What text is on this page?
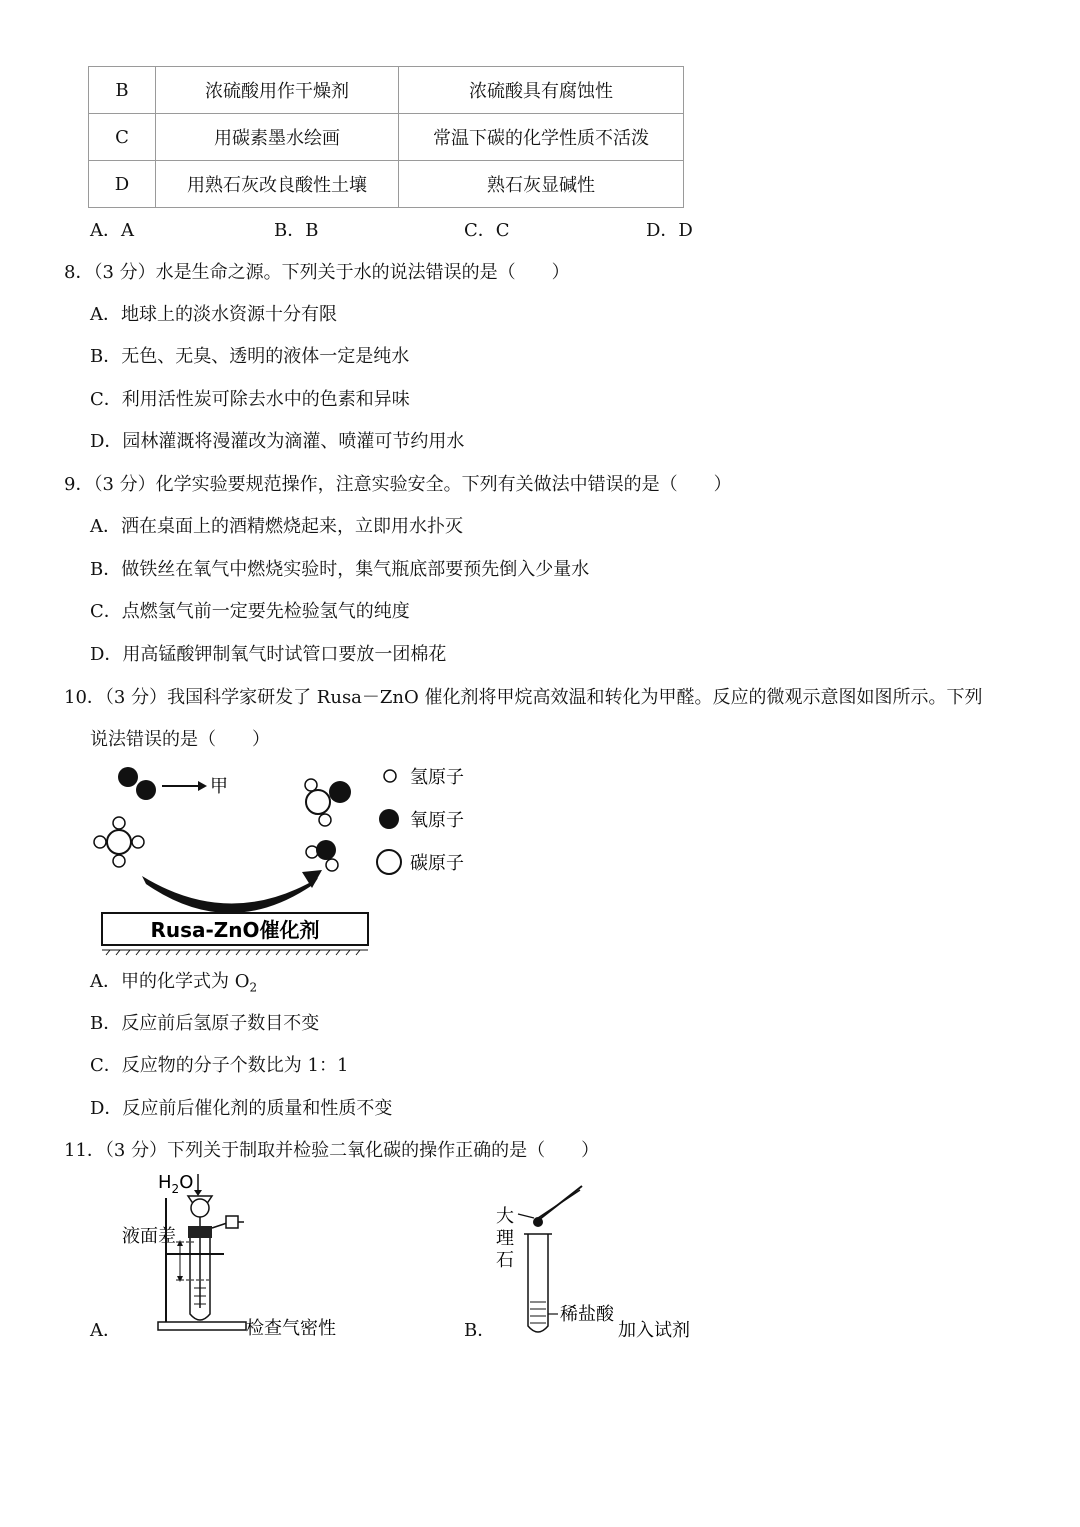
B	浓硫酸用作干燥剂	浓硫酸具有腐蚀性
C	用碳素墨水绘画	常温下碳的化学性质不活泼
D	用熟石灰改良酸性土壤	熟石灰显碱性
A．A	B．B	C．C	D．D
8．（3 分）水是生命之源。下列关于水的说法错误的是（　　）
A．地球上的淡水资源十分有限
B．无色、无臭、透明的液体一定是纯水
C．利用活性炭可除去水中的色素和异味
D．园林灌溉将漫灌改为滴灌、喷灌可节约用水
9．（3 分）化学实验要规范操作，注意实验安全。下列有关做法中错误的是（　　）
A．洒在桌面上的酒精燃烧起来，立即用水扑灭
B．做铁丝在氧气中燃烧实验时，集气瓶底部要预先倒入少量水
C．点燃氢气前一定要先检验氢气的纯度
D．用高锰酸钾制氧气时试管口要放一团棉花
10．（3 分）我国科学家研发了 Rusa－ZnO 催化剂将甲烷高效温和转化为甲醛。反应的微观示意图如图所示。下列
说法错误的是（　　）
甲
Rusa-ZnO催化剂
氢原子
氧原子
碳原子
A．甲的化学式为 $O_2$
B．反应前后氢原子数目不变
C．反应物的分子个数比为 1：1
D．反应前后催化剂的质量和性质不变
11．（3 分）下列关于制取并检验二氧化碳的操作正确的是（　　）
A．
$H_2O$
液面差
检查气密性	B．
大
理
石
稀盐酸
加入试剂
